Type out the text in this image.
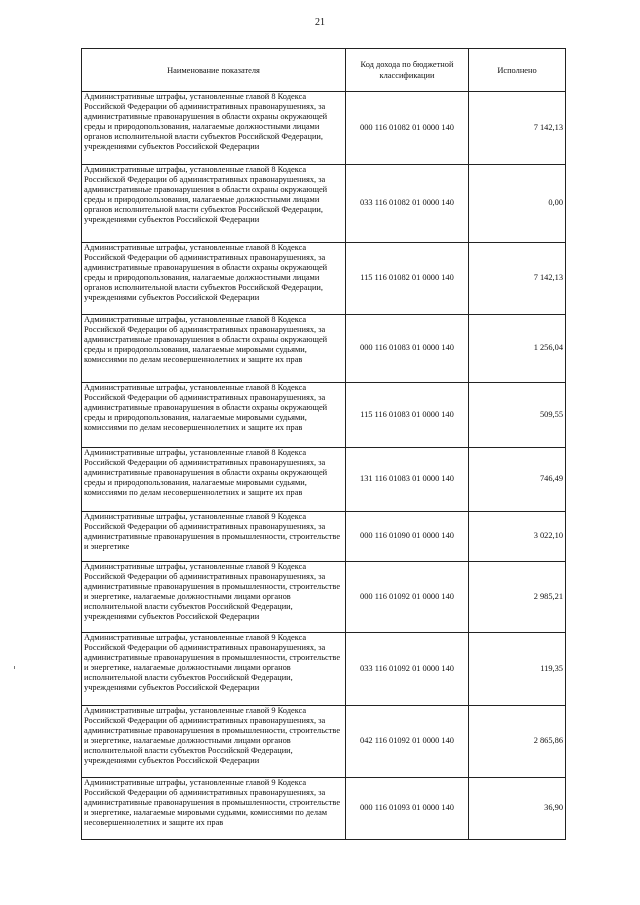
21
Наименование показателя	Код дохода по бюджетной классификации	Исполнено
Административные штрафы, установленные главой 8 Кодекса Российской Федерации об административных правонарушениях, за административные правонарушения в области охраны окружающей среды и природопользования, налагаемые должностными лицами органов исполнительной власти субъектов Российской Федерации, учреждениями субъектов Российской Федерации	000 116 01082 01 0000 140	7 142,13
Административные штрафы, установленные главой 8 Кодекса Российской Федерации об административных правонарушениях, за административные правонарушения в области охраны окружающей среды и природопользования, налагаемые должностными лицами органов исполнительной власти субъектов Российской Федерации, учреждениями субъектов Российской Федерации	033 116 01082 01 0000 140	0,00
Административные штрафы, установленные главой 8 Кодекса Российской Федерации об административных правонарушениях, за административные правонарушения в области охраны окружающей среды и природопользования, налагаемые должностными лицами органов исполнительной власти субъектов Российской Федерации, учреждениями субъектов Российской Федерации	115 116 01082 01 0000 140	7 142,13
Административные штрафы, установленные главой 8 Кодекса Российской Федерации об административных правонарушениях, за административные правонарушения в области охраны окружающей среды и природопользования, налагаемые мировыми судьями, комиссиями по делам несовершеннолетних и защите их прав	000 116 01083 01 0000 140	1 256,04
Административные штрафы, установленные главой 8 Кодекса Российской Федерации об административных правонарушениях, за административные правонарушения в области охраны окружающей среды и природопользования, налагаемые мировыми судьями, комиссиями по делам несовершеннолетних и защите их прав	115 116 01083 01 0000 140	509,55
Административные штрафы, установленные главой 8 Кодекса Российской Федерации об административных правонарушениях, за административные правонарушения в области охраны окружающей среды и природопользования, налагаемые мировыми судьями, комиссиями по делам несовершеннолетних и защите их прав	131 116 01083 01 0000 140	746,49
Административные штрафы, установленные главой 9 Кодекса Российской Федерации об административных правонарушениях, за административные правонарушения в промышленности, строительстве и энергетике	000 116 01090 01 0000 140	3 022,10
Административные штрафы, установленные главой 9 Кодекса Российской Федерации об административных правонарушениях, за административные правонарушения в промышленности, строительстве и энергетике, налагаемые должностными лицами органов исполнительной власти субъектов Российской Федерации, учреждениями субъектов Российской Федерации	000 116 01092 01 0000 140	2 985,21
Административные штрафы, установленные главой 9 Кодекса Российской Федерации об административных правонарушениях, за административные правонарушения в промышленности, строительстве и энергетике, налагаемые должностными лицами органов исполнительной власти субъектов Российской Федерации, учреждениями субъектов Российской Федерации	033 116 01092 01 0000 140	119,35
Административные штрафы, установленные главой 9 Кодекса Российской Федерации об административных правонарушениях, за административные правонарушения в промышленности, строительстве и энергетике, налагаемые должностными лицами органов исполнительной власти субъектов Российской Федерации, учреждениями субъектов Российской Федерации	042 116 01092 01 0000 140	2 865,86
Административные штрафы, установленные главой 9 Кодекса Российской Федерации об административных правонарушениях, за административные правонарушения в промышленности, строительстве и энергетике, налагаемые мировыми судьями, комиссиями по делам несовершеннолетних и защите их прав	000 116 01093 01 0000 140	36,90
